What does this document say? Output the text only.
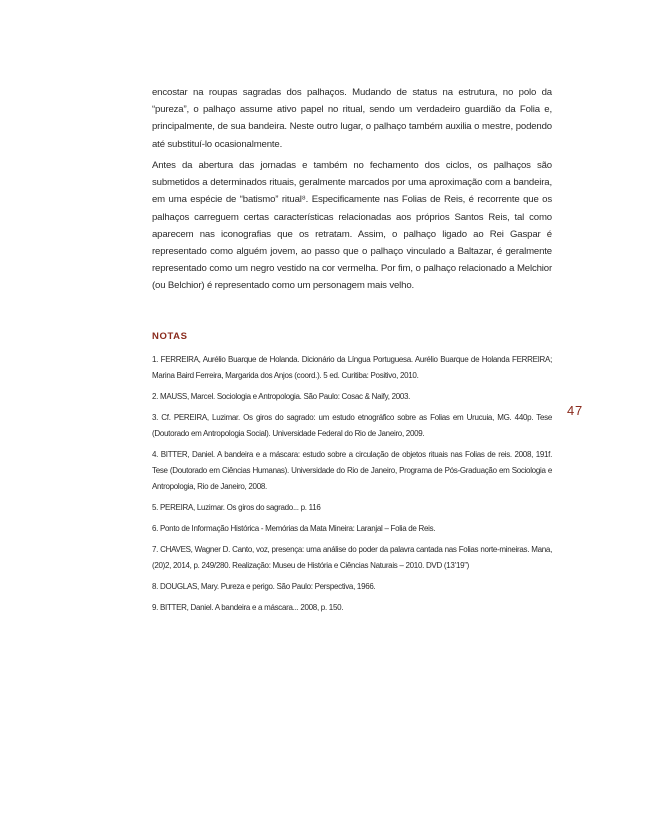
encostar na roupas sagradas dos palhaços. Mudando de status na estrutura, no polo da “pureza”, o palhaço assume ativo papel no ritual, sendo um verdadeiro guardião da Folia e, principalmente, de sua bandeira. Neste outro lugar, o palhaço também auxilia o mestre, podendo até substituí-lo ocasionalmente.

Antes da abertura das jornadas e também no fechamento dos ciclos, os palhaços são submetidos a determinados rituais, geralmente marcados por uma aproximação com a bandeira, em uma espécie de “batismo” ritual⁸. Especificamente nas Folias de Reis, é recorrente que os palhaços carreguem certas características relacionadas aos próprios Santos Reis, tal como aparecem nas iconografias que os retratam. Assim, o palhaço ligado ao Rei Gaspar é representado como alguém jovem, ao passo que o palhaço vinculado a Baltazar, é geralmente representado como um negro vestido na cor vermelha. Por fim, o palhaço relacionado a Melchior (ou Belchior) é representado como um personagem mais velho.

NOTAS
1. FERREIRA, Aurélio Buarque de Holanda. Dicionário da Língua Portuguesa. Aurélio Buarque de Holanda FERREIRA; Marina Baird Ferreira, Margarida dos Anjos (coord.). 5 ed. Curitiba: Positivo, 2010.
2. MAUSS, Marcel. Sociologia e Antropologia. São Paulo: Cosac & Naify, 2003.
3. Cf. PEREIRA, Luzimar. Os giros do sagrado: um estudo etnográfico sobre as Folias em Urucuia, MG. 440p. Tese (Doutorado em Antropologia Social). Universidade Federal do Rio de Janeiro, 2009.
4. BITTER, Daniel. A bandeira e a máscara: estudo sobre a circulação de objetos rituais nas Folias de reis. 2008, 191f. Tese (Doutorado em Ciências Humanas). Universidade do Rio de Janeiro, Programa de Pós-Graduação em Sociologia e Antropologia, Rio de Janeiro, 2008.
5. PEREIRA, Luzimar. Os giros do sagrado... p. 116
6. Ponto de Informação Histórica - Memórias da Mata Mineira: Laranjal – Folia de Reis.
7. CHAVES, Wagner D. Canto, voz, presença: uma análise do poder da palavra cantada nas Folias norte-mineiras. Mana, (20)2, 2014, p. 249/280. Realização: Museu de História e Ciências Naturais – 2010. DVD (13’19”)
8. DOUGLAS, Mary. Pureza e perigo. São Paulo: Perspectiva, 1966.
9. BITTER, Daniel. A bandeira e a máscara... 2008, p. 150.
47
